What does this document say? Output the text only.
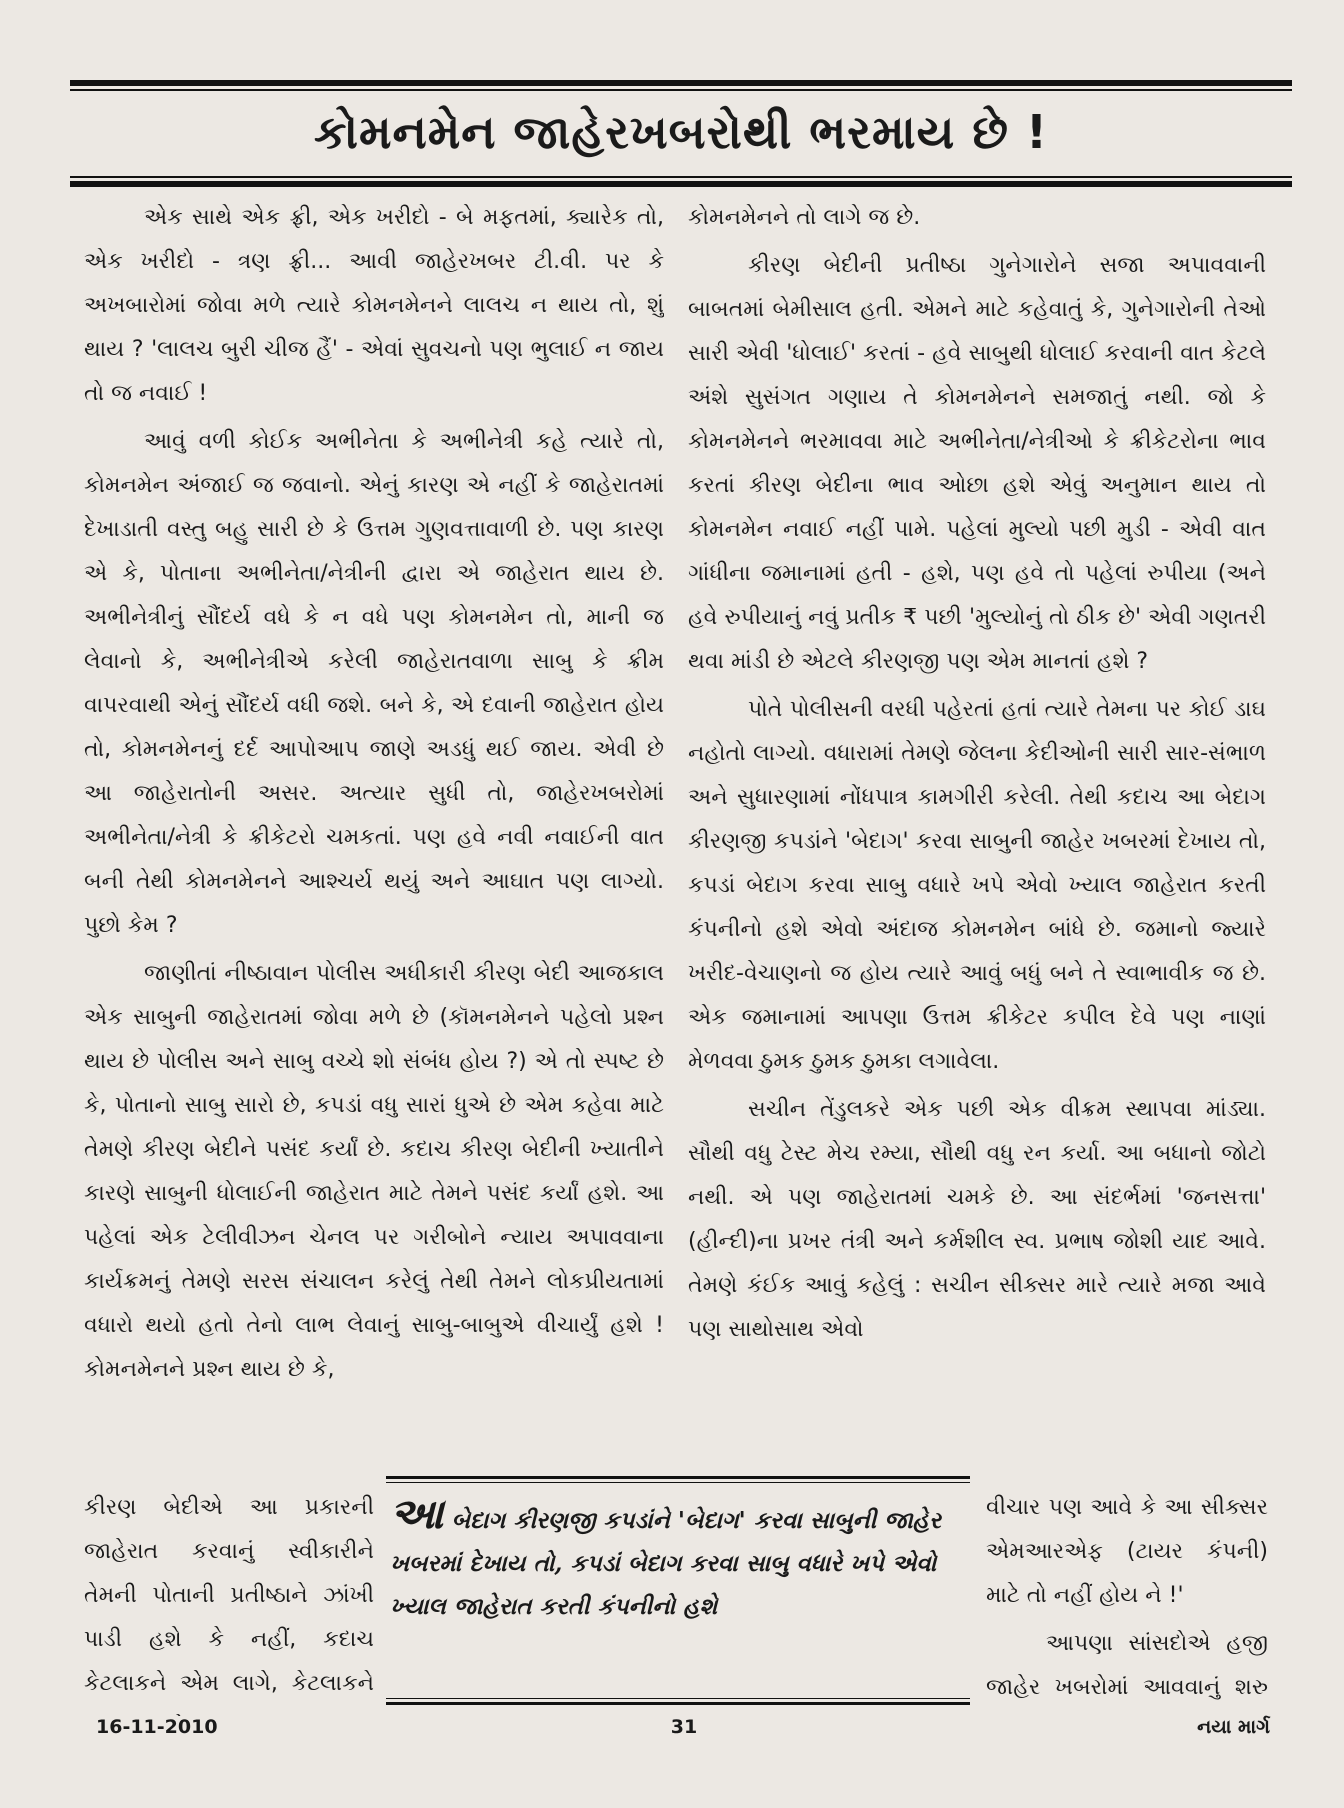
કોમનમેન જાહેરખબરોથી ભરમાય છે !

એક સાથે એક ફ્રી, એક ખરીદો - બે મફતમાં, ક્યારેક તો, એક ખરીદો - ત્રણ ફ્રી... આવી જાહેરખબર ટી.વી. પર કે અખબારોમાં જોવા મળે ત્યારે કોમનમેનને લાલચ ન થાય તો, શું થાય ? 'લાલચ બુરી ચીજ હૈં' - એવાં સુવચનો પણ ભુલાઈ ન જાય તો જ નવાઈ !

આવું વળી કોઈક અભીનેતા કે અભીનેત્રી કહે ત્યારે તો, કોમનમેન અંજાઈ જ જવાનો. એનું કારણ એ નહીં કે જાહેરાતમાં દેખાડાતી વસ્તુ બહુ સારી છે કે ઉત્તમ ગુણવત્તાવાળી છે. પણ કારણ એ કે, પોતાના અભીનેતા/નેત્રીની દ્વારા એ જાહેરાત થાય છે. અભીનેત્રીનું સૌંદર્ય વધે કે ન વધે પણ કોમનમેન તો, માની જ લેવાનો કે, અભીનેત્રીએ કરેલી જાહેરાતવાળા સાબુ કે ક્રીમ વાપરવાથી એનું સૌંદર્ય વધી જશે. બને કે, એ દવાની જાહેરાત હોય તો, કોમનમેનનું દર્દ આપોઆપ જાણે અડધું થઈ જાય. એવી છે આ જાહેરાતોની અસર. અત્યાર સુધી તો, જાહેરખબરોમાં અભીનેતા/નેત્રી કે ક્રીકેટરો ચમકતાં. પણ હવે નવી નવાઈની વાત બની તેથી કોમનમેનને આશ્ચર્ય થયું અને આઘાત પણ લાગ્યો. પુછો કેમ ?

જાણીતાં નીષ્ઠાવાન પોલીસ અધીકારી કીરણ બેદી આજકાલ એક સાબુની જાહેરાતમાં જોવા મળે છે (કૉમનમેનને પહેલો પ્રશ્ન થાય છે પોલીસ અને સાબુ વચ્ચે શો સંબંધ હોય ?) એ તો સ્પષ્ટ છે કે, પોતાનો સાબુ સારો છે, કપડાં વધુ સારાં ધુએ છે એમ કહેવા માટે તેમણે કીરણ બેદીને પસંદ કર્યાં છે. કદાચ કીરણ બેદીની ખ્યાતીને કારણે સાબુની ધોલાઈની જાહેરાત માટે તેમને પસંદ કર્યાં હશે. આ પહેલાં એક ટેલીવીઝન ચેનલ પર ગરીબોને ન્યાય અપાવવાના કાર્યક્રમનું તેમણે સરસ સંચાલન કરેલું તેથી તેમને લોકપ્રીયતામાં વધારો થયો હતો તેનો લાભ લેવાનું સાબુ-બાબુએ વીચાર્યું હશે ! કોમનમેનને પ્રશ્ન થાય છે કે,

કોમનમેનને તો લાગે જ છે.

કીરણ બેદીની પ્રતીષ્ઠા ગુનેગારોને સજા અપાવવાની બાબતમાં બેમીસાલ હતી. એમને માટે કહેવાતું કે, ગુનેગારોની તેઓ સારી એવી 'ધોલાઈ' કરતાં - હવે સાબુથી ધોલાઈ કરવાની વાત કેટલે અંશે સુસંગત ગણાય તે કોમનમેનને સમજાતું નથી. જો કે કોમનમેનને ભરમાવવા માટે અભીનેતા/નેત્રીઓ કે ક્રીકેટરોના ભાવ કરતાં કીરણ બેદીના ભાવ ઓછા હશે એવું અનુમાન થાય તો કોમનમેન નવાઈ નહીં પામે. પહેલાં મુલ્યો પછી મુડી - એવી વાત ગાંધીના જમાનામાં હતી - હશે, પણ હવે તો પહેલાં રુપીયા (અને હવે રુપીયાનું નવું પ્રતીક ₹ પછી 'મુલ્યોનું તો ઠીક છે' એવી ગણતરી થવા માંડી છે એટલે કીરણજી પણ એમ માનતાં હશે ?

પોતે પોલીસની વરધી પહેરતાં હતાં ત્યારે તેમના પર કોઈ ડાઘ નહોતો લાગ્યો. વધારામાં તેમણે જેલના કેદીઓની સારી સાર-સંભાળ અને સુધારણામાં નોંધપાત્ર કામગીરી કરેલી. તેથી કદાચ આ બેદાગ કીરણજી કપડાંને 'બેદાગ' કરવા સાબુની જાહેર ખબરમાં દેખાય તો, કપડાં બેદાગ કરવા સાબુ વધારે ખપે એવો ખ્યાલ જાહેરાત કરતી કંપનીનો હશે એવો અંદાજ કોમનમેન બાંધે છે. જમાનો જ્યારે ખરીદ-વેચાણનો જ હોય ત્યારે આવું બધું બને તે સ્વાભાવીક જ છે. એક જમાનામાં આપણા ઉત્તમ ક્રીકેટર કપીલ દેવે પણ નાણાં મેળવવા ઠુમક ઠુમક ઠુમકા લગાવેલા.

સચીન તેંડુલકરે એક પછી એક વીક્રમ સ્થાપવા માંડ્યા. સૌથી વધુ ટેસ્ટ મેચ રમ્યા, સૌથી વધુ રન કર્યા. આ બધાનો જોટો નથી. એ પણ જાહેરાતમાં ચમકે છે. આ સંદર્ભમાં 'જનસત્તા' (હીન્દી)ના પ્રખર તંત્રી અને કર્મશીલ સ્વ. પ્રભાષ જોશી યાદ આવે. તેમણે કંઈક આવું કહેલું : સચીન સીક્સર મારે ત્યારે મજા આવે પણ સાથોસાથ એવો

કીરણ બેદીએ આ પ્રકારની જાહેરાત કરવાનું સ્વીકારીને તેમની પોતાની પ્રતીષ્ઠાને ઝાંખી પાડી હશે કે નહીં, કદાચ કેટલાકને એમ લાગે, કેટલાકને

આ બેદાગ કીરણજી કપડાંને 'બેદાગ' કરવા સાબુની જાહેર ખબરમાં દેખાય તો, કપડાં બેદાગ કરવા સાબુ વધારે ખપે એવો ખ્યાલ જાહેરાત કરતી કંપનીનો હશે

વીચાર પણ આવે કે આ સીક્સર એમઆરએફ (ટાયર કંપની) માટે તો નહીં હોય ને !'

આપણા સાંસદોએ હજી જાહેર ખબરોમાં આવવાનું શરુ

16-11-2010	31	નયા માર્ગ
